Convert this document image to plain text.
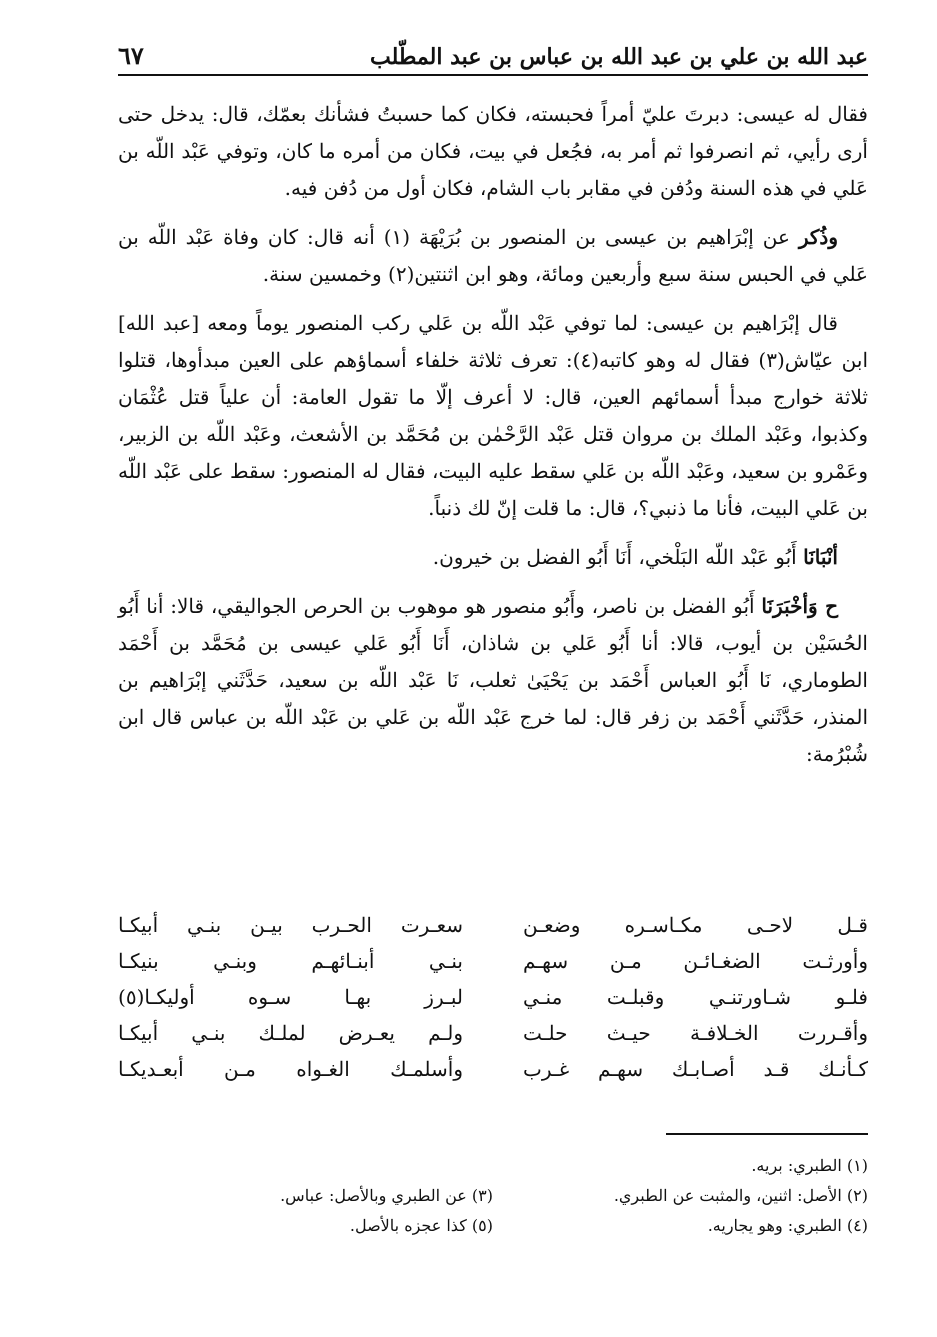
عبد الله بن علي بن عبد الله بن عباس بن عبد المطّلب
٦٧

فقال له عيسى: دبرتَ عليّ أمراً فحبسته، فكان كما حسبتُ فشأنك بعمّك، قال: يدخل حتى أرى رأيي، ثم انصرفوا ثم أمر به، فجُعل في بيت، فكان من أمره ما كان، وتوفي عَبْد اللّه بن عَلي في هذه السنة ودُفن في مقابر باب الشام، فكان أول من دُفن فيه.

وذُكر عن إبْرَاهيم بن عيسى بن المنصور بن بُرَيْهَة (١) أنه قال: كان وفاة عَبْد اللّه بن عَلي في الحبس سنة سبع وأربعين ومائة، وهو ابن اثنتين(٢) وخمسين سنة.

قال إبْرَاهيم بن عيسى: لما توفي عَبْد اللّه بن عَلي ركب المنصور يوماً ومعه [عبد الله] ابن عيّاش(٣) فقال له وهو كاتبه(٤): تعرف ثلاثة خلفاء أسماؤهم على العين مبدأوها، قتلوا ثلاثة خوارج مبدأ أسمائهم العين، قال: لا أعرف إلّا ما تقول العامة: أن علياً قتل عُثْمَان وكذبوا، وعَبْد الملك بن مروان قتل عَبْد الرَّحْمٰن بن مُحَمَّد بن الأشعث، وعَبْد اللّه بن الزبير، وعَمْرو بن سعيد، وعَبْد اللّه بن عَلي سقط عليه البيت، فقال له المنصور: سقط على عَبْد اللّه بن عَلي البيت، فأنا ما ذنبي؟، قال: ما قلت إنّ لك ذنباً.

أنْبَانَا أَبُو عَبْد اللّه البَلْخي، أَنَا أَبُو الفضل بن خيرون.

ح وَأخْبَرَنَا أَبُو الفضل بن ناصر، وأَبُو منصور هو موهوب بن الحرص الجواليقي، قالا: أنا أَبُو الحُسَيْن بن أيوب، قالا: أنا أَبُو عَلي بن شاذان، أَنَا أَبُو عَلي عيسى بن مُحَمَّد بن أَحْمَد الطوماري، نَا أَبُو العباس أَحْمَد بن يَحْيَىٰ ثعلب، نَا عَبْد اللّه بن سعيد، حَدَّثَني إبْرَاهيم بن المنذر، حَدَّثَني أَحْمَد بن زفر قال: لما خرج عَبْد اللّه بن عَلي بن عَبْد اللّه بن عباس قال ابن شُبْرُمة:

قـل لاحـى مكـاسـره وضعـن
سعـرت الحـرب بيـن بنـي أبيكـا
وأورثـت الضغـائـن مـن سهـم
بنـي أبنـائهـم وبنـي بنيكـا
فلـو شـاورتنـي وقبلـت منـي
لبـرز بهـا سـوه أوليكـا(٥)
وأقـررت الخـلافـة حيـث حلـت
ولـم يعـرض لملـك بنـي أبيكـا
كـأنـك قـد أصـابـك سهـم غـرب
وأسلمـك الغـواه مـن أبعـديكـا
(١) الطبري: بريه.
(٢) الأصل: اثنين، والمثبت عن الطبري.
(٣) عن الطبري وبالأصل: عباس.
(٤) الطبري: وهو يجاريه.
(٥) كذا عجزه بالأصل.
